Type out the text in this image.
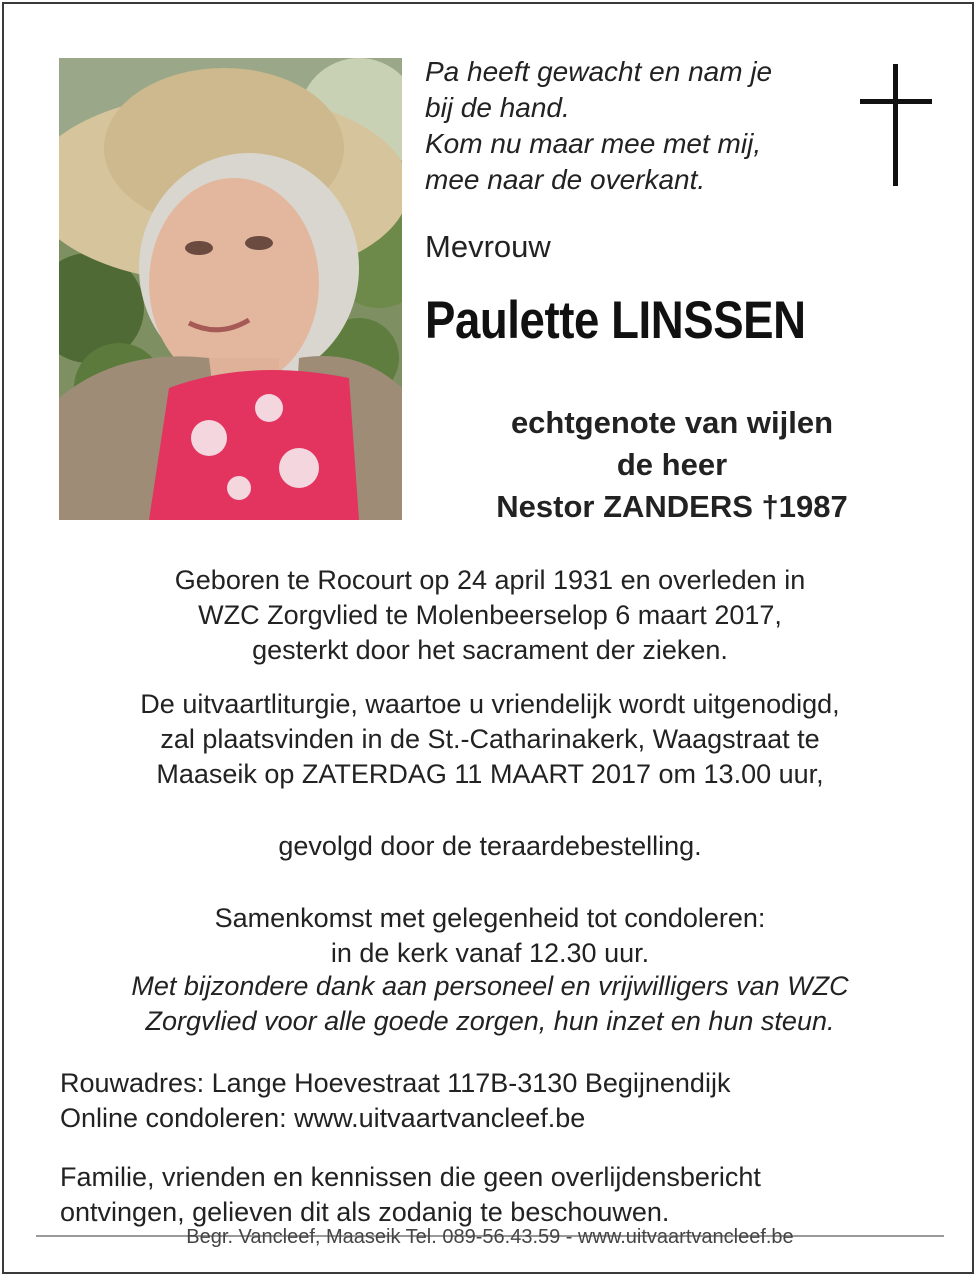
Pa heeft gewacht en nam je
bij de hand.
Kom nu maar mee met mij,
mee naar de overkant.
Mevrouw
Paulette LINSSEN
echtgenote van wijlen
de heer
Nestor ZANDERS †1987
Geboren te Rocourt op 24 april 1931 en overleden in
WZC Zorgvlied te Molenbeerselop 6 maart 2017,
gesterkt door het sacrament der zieken.
De uitvaartliturgie, waartoe u vriendelijk wordt uitgenodigd,
zal plaatsvinden in de St.-Catharinakerk, Waagstraat te
Maaseik op ZATERDAG 11 MAART 2017 om 13.00 uur,
gevolgd door de teraardebestelling.
Samenkomst met gelegenheid tot condoleren:
in de kerk vanaf 12.30 uur.
Met bijzondere dank aan personeel en vrijwilligers van WZC
Zorgvlied voor alle goede zorgen, hun inzet en hun steun.
Rouwadres: Lange Hoevestraat 117B-3130 Begijnendijk
Online condoleren: www.uitvaartvancleef.be
Familie, vrienden en kennissen die geen overlijdensbericht
ontvingen, gelieven dit als zodanig te beschouwen.
Begr. Vancleef, Maaseik Tel. 089-56.43.59 - www.uitvaartvancleef.be
